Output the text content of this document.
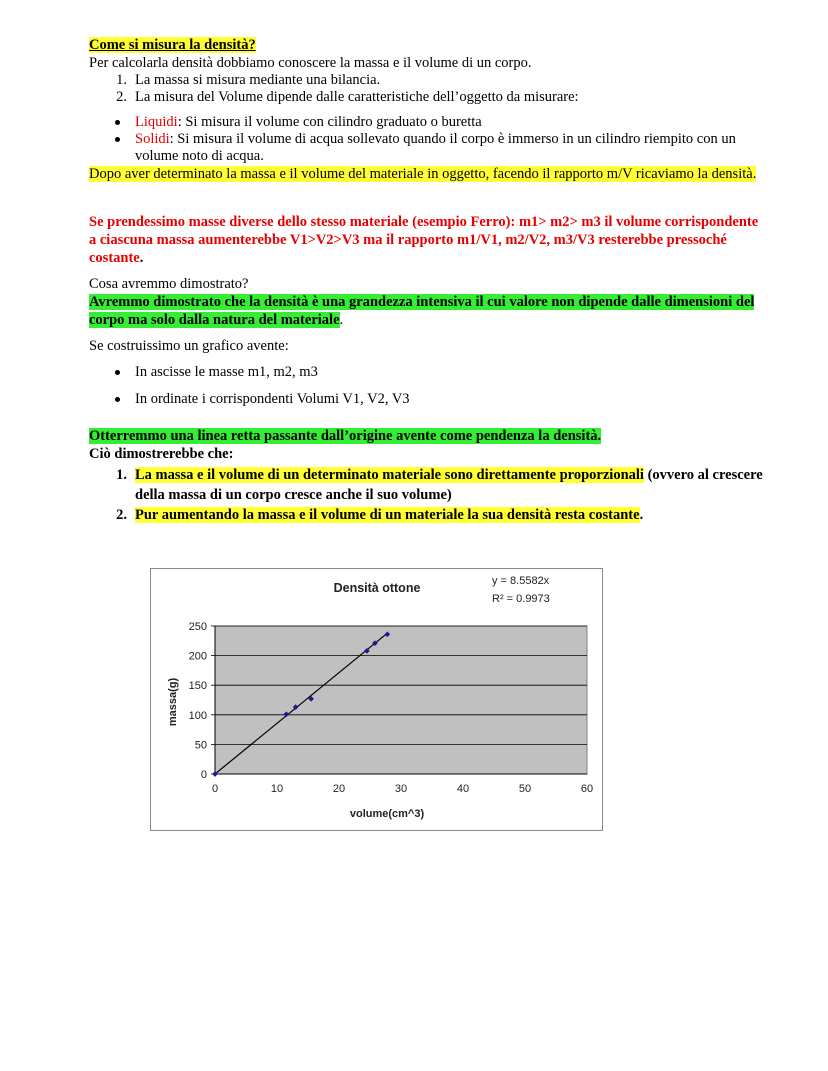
Come si misura la densità?

Per calcolarla densità dobbiamo conoscere la massa e il volume di un corpo.

1. La massa si misura mediante una bilancia.
2. La misura del Volume dipende dalle caratteristiche dell’oggetto da misurare:
Liquidi: Si misura il volume con cilindro graduato o buretta
Solidi: Si misura il volume di acqua sollevato quando il corpo è immerso in un cilindro riempito con un volume noto di acqua.

Dopo aver determinato la massa e il volume del materiale in oggetto, facendo il rapporto m/V ricaviamo la densità.

Se prendessimo masse diverse dello stesso materiale (esempio Ferro): m1> m2> m3 il volume corrispondente a ciascuna massa aumenterebbe V1>V2>V3 ma il rapporto m1/V1, m2/V2, m3/V3 resterebbe pressoché costante.

Cosa avremmo dimostrato?

Avremmo dimostrato che la densità è una grandezza intensiva il cui valore non dipende dalle dimensioni del corpo ma solo dalla natura del materiale.

Se costruissimo un grafico avente:

In ascisse le masse m1, m2, m3
In ordinate i corrispondenti Volumi V1, V2, V3

Otterremmo una linea retta passante dall’origine avente come pendenza la densità.

Ciò dimostrerebbe che:

1. La massa e il volume di un determinato materiale sono direttamente proporzionali (ovvero al crescere della massa di un corpo cresce anche il suo volume)
2. Pur aumentando la massa e il volume di un materiale la sua densità resta costante.
Densità ottone	y = 8.5582x
R² = 0.9973
volume(cm^3)
massa(g)
0
50
100
150
200
250
0	10	20	30	40	50	60
